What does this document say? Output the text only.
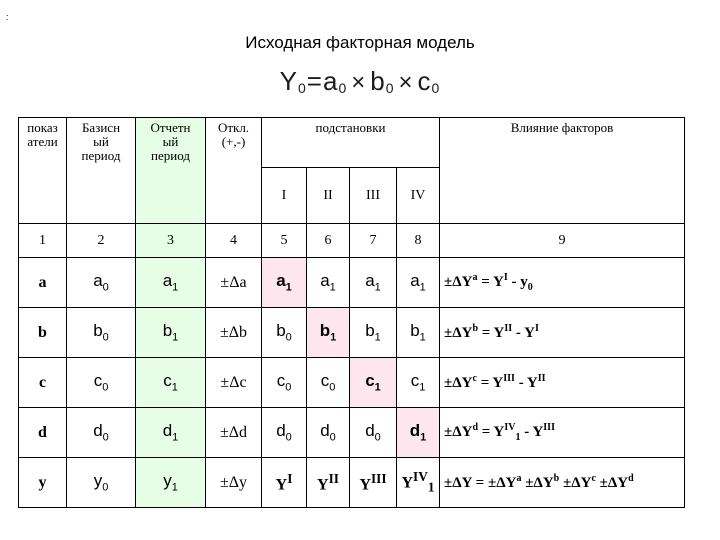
:
Исходная факторная модель
$Y_0=a_0 \times b_0 \times c_0$
показ
атели	Базисн
ый
период	Отчетн
ый
период	Откл.
(+,-)	подстановки				Влияние факторов
				I	II	III	IV	
1	2	3	4	5	6	7	8	9
a	$a_0$	$a_1$	±Δa	$a_1$	$a_1$	$a_1$	$a_1$	$\pm\Delta Y^a = Y^I - y_0$
b	$b_0$	$b_1$	±Δb	$b_0$	$b_1$	$b_1$	$b_1$	$\pm\Delta Y^b = Y^{II} - Y^I$
c	$c_0$	$c_1$	±Δc	$c_0$	$c_0$	$c_1$	$c_1$	$\pm\Delta Y^c = Y^{III} - Y^{II}$
d	$d_0$	$d_1$	±Δd	$d_0$	$d_0$	$d_0$	$d_1$	$\pm\Delta Y^d = Y^{IV}_1 - Y^{III}$
y	$y_0$	$y_1$	±Δy	$Y^I$	$Y^{II}$	$Y^{III}$	$Y^{IV}_1$	$\pm\Delta Y = \pm\Delta Y^a \pm\Delta Y^b \pm\Delta Y^c \pm\Delta Y^d$
